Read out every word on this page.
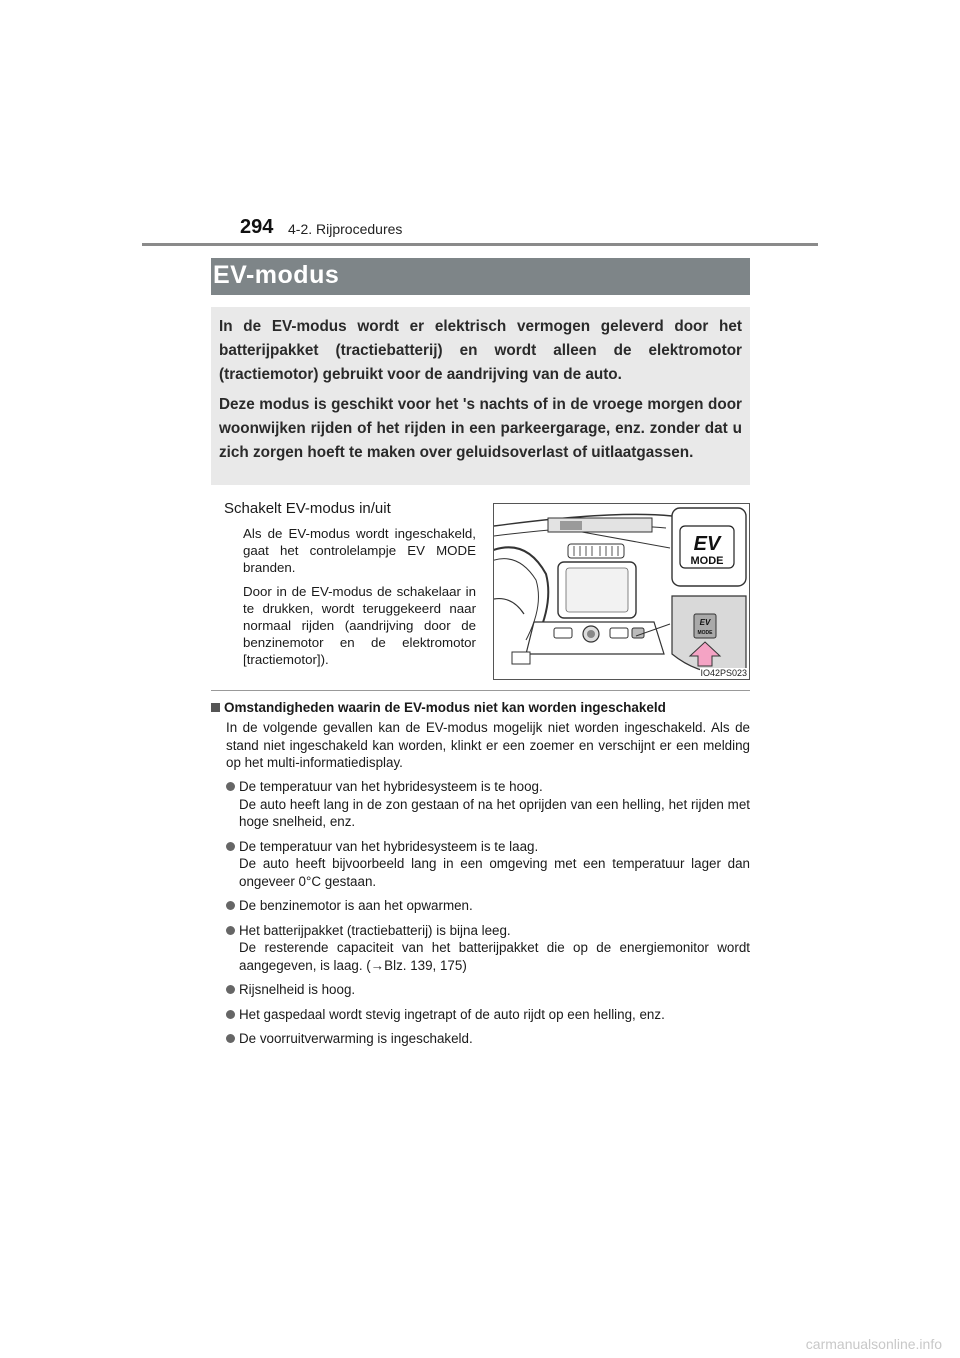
294 4-2. Rijprocedures
EV-modus

In de EV-modus wordt er elektrisch vermogen geleverd door het batterijpakket (tractiebatterij) en wordt alleen de elektromotor (tractiemotor) gebruikt voor de aandrijving van de auto.

Deze modus is geschikt voor het 's nachts of in de vroege morgen door woonwijken rijden of het rijden in een parkeergarage, enz. zonder dat u zich zorgen hoeft te maken over geluidsoverlast of uitlaatgassen.

Schakelt EV-modus in/uit

Als de EV-modus wordt ingeschakeld, gaat het controlelampje EV MODE branden.

Door in de EV-modus de schakelaar in te drukken, wordt teruggekeerd naar normaal rijden (aandrijving door de benzinemotor en de elektromotor [tractiemotor]).

EV
MODE
EV
MODE
IO42PS023
Omstandigheden waarin de EV-modus niet kan worden ingeschakeld
In de volgende gevallen kan de EV-modus mogelijk niet worden ingeschakeld. Als de stand niet ingeschakeld kan worden, klinkt er een zoemer en verschijnt er een melding op het multi-informatiedisplay.
De temperatuur van het hybridesysteem is te hoog.
De auto heeft lang in de zon gestaan of na het oprijden van een helling, het rijden met hoge snelheid, enz.
De temperatuur van het hybridesysteem is te laag.
De auto heeft bijvoorbeeld lang in een omgeving met een temperatuur lager dan ongeveer 0°C gestaan.
De benzinemotor is aan het opwarmen.
Het batterijpakket (tractiebatterij) is bijna leeg.
De resterende capaciteit van het batterijpakket die op de energiemonitor wordt aangegeven, is laag. (→Blz. 139, 175)
Rijsnelheid is hoog.
Het gaspedaal wordt stevig ingetrapt of de auto rijdt op een helling, enz.
De voorruitverwarming is ingeschakeld.
carmanualsonline.info
